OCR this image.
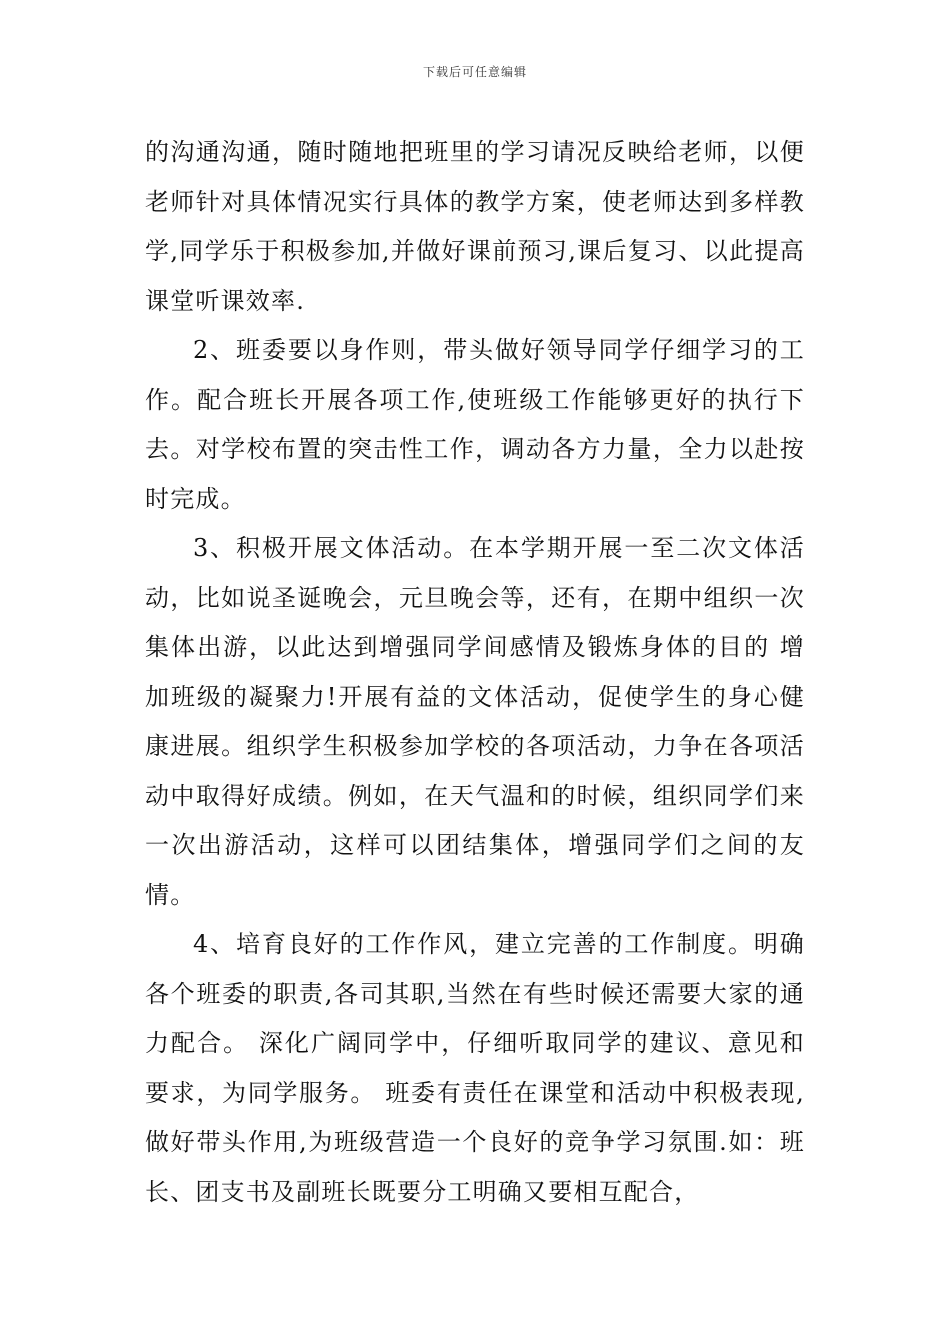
下载后可任意编辑

的沟通沟通，随时随地把班里的学习请况反映给老师，以便老师针对具体情况实行具体的教学方案，使老师达到多样教学,同学乐于积极参加,并做好课前预习,课后复习、以此提高课堂听课效率.

2、班委要以身作则，带头做好领导同学仔细学习的工作。配合班长开展各项工作,使班级工作能够更好的执行下去。对学校布置的突击性工作，调动各方力量，全力以赴按时完成。

3、积极开展文体活动。在本学期开展一至二次文体活动，比如说圣诞晚会，元旦晚会等，还有，在期中组织一次集体出游，以此达到增强同学间感情及锻炼身体的目的 增加班级的凝聚力!开展有益的文体活动，促使学生的身心健康进展。组织学生积极参加学校的各项活动，力争在各项活动中取得好成绩。例如，在天气温和的时候，组织同学们来一次出游活动，这样可以团结集体，增强同学们之间的友情。

4、培育良好的工作作风，建立完善的工作制度。明确各个班委的职责,各司其职,当然在有些时候还需要大家的通力配合。 深化广阔同学中，仔细听取同学的建议、意见和要求，为同学服务。 班委有责任在课堂和活动中积极表现,做好带头作用,为班级营造一个良好的竞争学习氛围.如：班长、团支书及副班长既要分工明确又要相互配合，
